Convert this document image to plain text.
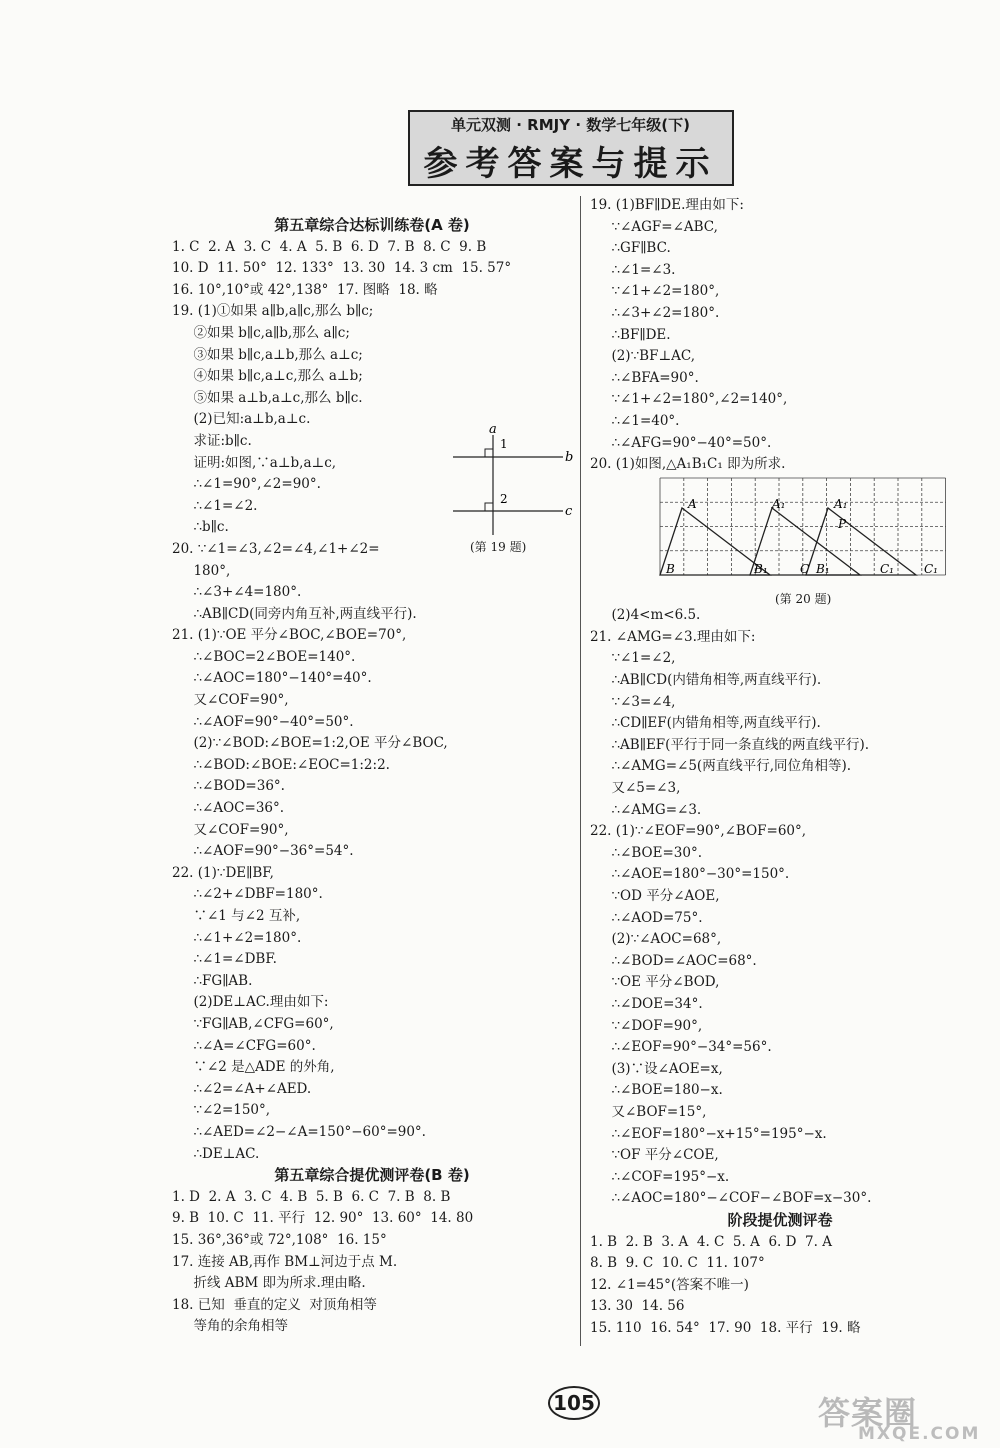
单元双测 · RMJY · 数学七年级(下)
参考答案与提示
第五章综合达标训练卷(A 卷)
1. C  2. A  3. C  4. A  5. B  6. D  7. B  8. C  9. B
10. D  11. 50°  12. 133°  13. 30  14. 3 cm  15. 57°
16. 10°,10°或 42°,138°  17. 图略  18. 略
19. (1)①如果 a∥b,a∥c,那么 b∥c;
②如果 b∥c,a∥b,那么 a∥c;
③如果 b∥c,a⊥b,那么 a⊥c;
④如果 b∥c,a⊥c,那么 a⊥b;
⑤如果 a⊥b,a⊥c,那么 b∥c.
(2)已知:a⊥b,a⊥c.
求证:b∥c.
证明:如图,∵a⊥b,a⊥c,
∴∠1=90°,∠2=90°.
∴∠1=∠2.
∴b∥c.
20. ∵∠1=∠3,∠2=∠4,∠1+∠2=
180°,
∴∠3+∠4=180°.
∴AB∥CD(同旁内角互补,两直线平行).
21. (1)∵OE 平分∠BOC,∠BOE=70°,
∴∠BOC=2∠BOE=140°.
∴∠AOC=180°−140°=40°.
又∠COF=90°,
∴∠AOF=90°−40°=50°.
(2)∵∠BOD:∠BOE=1:2,OE 平分∠BOC,
∴∠BOD:∠BOE:∠EOC=1:2:2.
∴∠BOD=36°.
∴∠AOC=36°.
又∠COF=90°,
∴∠AOF=90°−36°=54°.
22. (1)∵DE∥BF,
∴∠2+∠DBF=180°.
∵∠1 与∠2 互补,
∴∠1+∠2=180°.
∴∠1=∠DBF.
∴FG∥AB.
(2)DE⊥AC.理由如下:
∵FG∥AB,∠CFG=60°,
∴∠A=∠CFG=60°.
∵∠2 是△ADE 的外角,
∴∠2=∠A+∠AED.
∵∠2=150°,
∴∠AED=∠2−∠A=150°−60°=90°.
∴DE⊥AC.
第五章综合提优测评卷(B 卷)
1. D  2. A  3. C  4. B  5. B  6. C  7. B  8. B
9. B  10. C  11. 平行  12. 90°  13. 60°  14. 80
15. 36°,36°或 72°,108°  16. 15°
17. 连接 AB,再作 BM⊥河边于点 M.
折线 ABM 即为所求.理由略.
18. 已知  垂直的定义  对顶角相等
等角的余角相等
19. (1)BF∥DE.理由如下:
∵∠AGF=∠ABC,
∴GF∥BC.
∴∠1=∠3.
∵∠1+∠2=180°,
∴∠3+∠2=180°.
∴BF∥DE.
(2)∵BF⊥AC,
∴∠BFA=90°.
∵∠1+∠2=180°,∠2=140°,
∴∠1=40°.
∴∠AFG=90°−40°=50°.
20. (1)如图,△A₁B₁C₁ 即为所求.
(2)4<m<6.5.
21. ∠AMG=∠3.理由如下:
∵∠1=∠2,
∴AB∥CD(内错角相等,两直线平行).
∵∠3=∠4,
∴CD∥EF(内错角相等,两直线平行).
∴AB∥EF(平行于同一条直线的两直线平行).
∴∠AMG=∠5(两直线平行,同位角相等).
又∠5=∠3,
∴∠AMG=∠3.
22. (1)∵∠EOF=90°,∠BOF=60°,
∴∠BOE=30°.
∴∠AOE=180°−30°=150°.
∵OD 平分∠AOE,
∴∠AOD=75°.
(2)∵∠AOC=68°,
∴∠BOD=∠AOC=68°.
∵OE 平分∠BOD,
∴∠DOE=34°.
∵∠DOF=90°,
∴∠EOF=90°−34°=56°.
(3)∵设∠AOE=x,
∴∠BOE=180−x.
又∠BOF=15°,
∴∠EOF=180°−x+15°=195°−x.
∵OF 平分∠COE,
∴∠COF=195°−x.
∴∠AOC=180°−∠COF−∠BOF=x−30°.
阶段提优测评卷
1. B  2. B  3. A  4. C  5. A  6. D  7. A
8. B  9. C  10. C  11. 107°
12. ∠1=45°(答案不唯一)
13. 30  14. 56
15. 110  16. 54°  17. 90  18. 平行  19. 略
a
b
c
1
2
(第 19 题)
A	A₁	A₁
P
B	B₁	C B₁	C₁	C₁
(第 20 题)
105	答案圈
MXQE.COM
